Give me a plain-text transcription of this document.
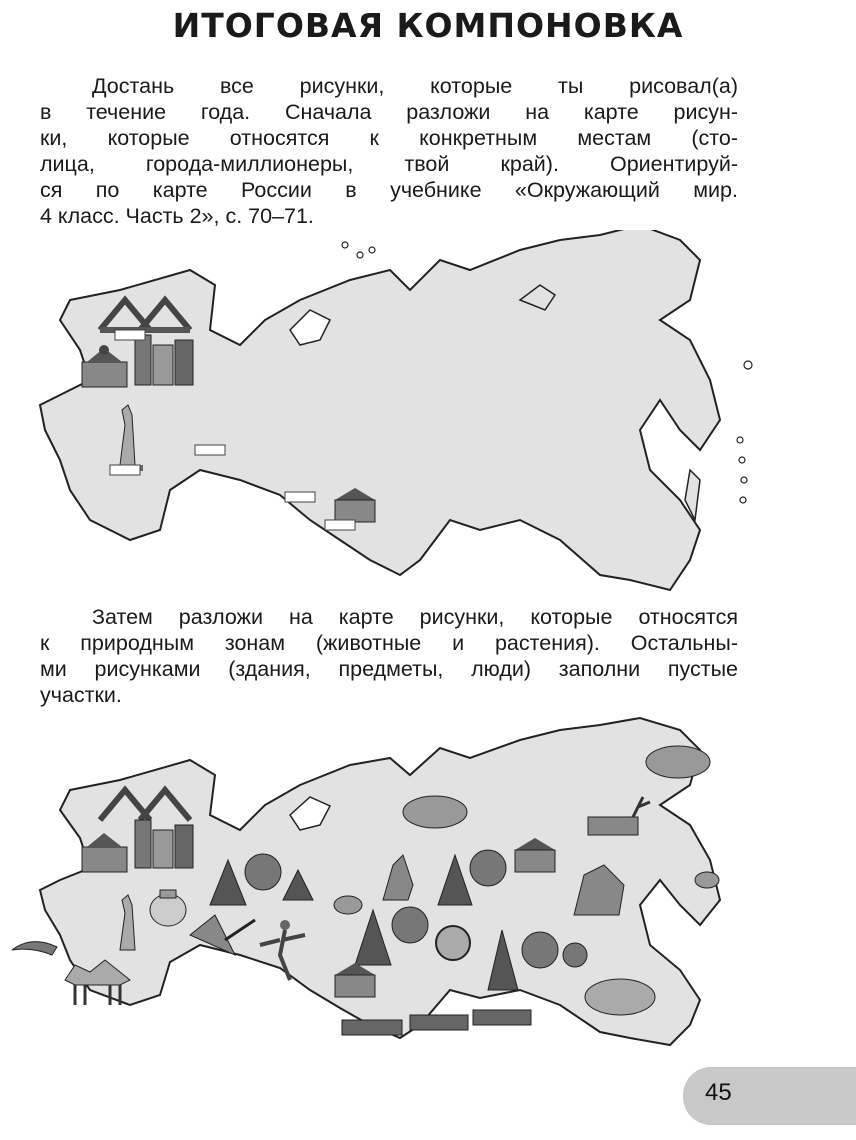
ИТОГОВАЯ КОМПОНОВКА
Достань все рисунки, которые ты рисовал(а)
в течение года. Сначала разложи на карте рисун-
ки, которые относятся к конкретным местам (сто-
лица, города-миллионеры, твой край). Ориентируй-
ся по карте России в учебнике «Окружающий мир.
4 класс. Часть 2», с. 70–71.
Затем разложи на карте рисунки, которые относятся
к природным зонам (животные и растения). Остальны-
ми рисунками (здания, предметы, люди) заполни пустые
участки.
45
